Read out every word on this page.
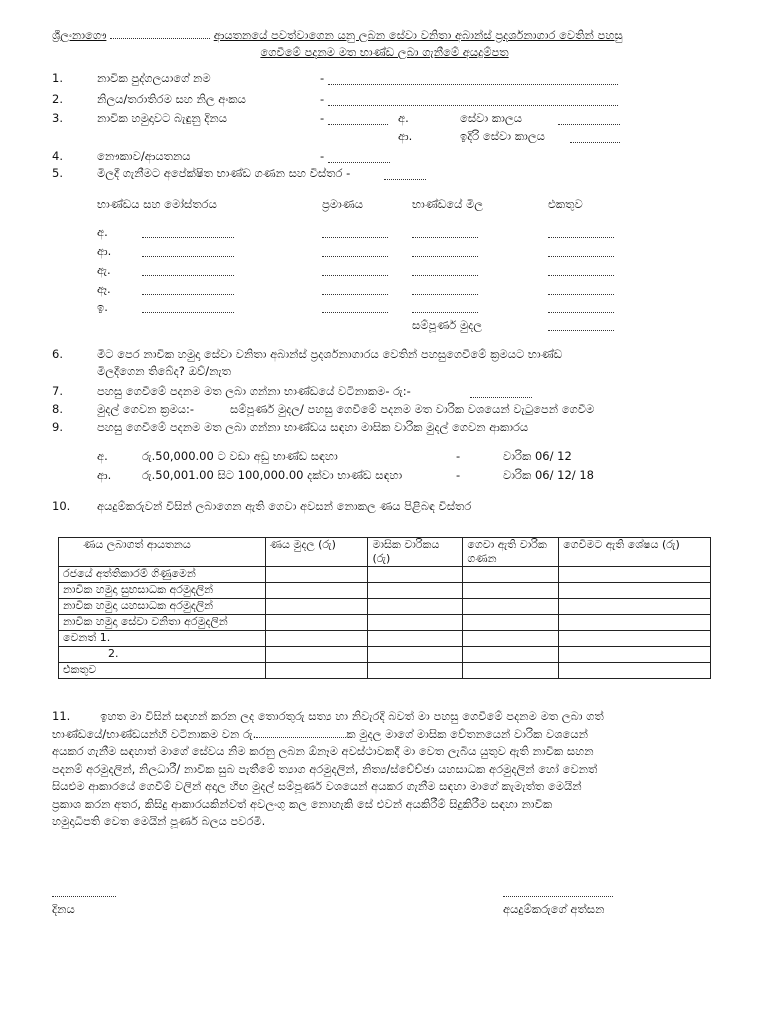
ශ්‍රීලංනාගෞ	ආයතනයේ පවත්වාගෙන යනු ලබන සේවා වනිතා අබාන්ස් ප්‍රදර්ශනාගාර වෙතින් පහසු
ගෙවීමේ පදනම මත භාණ්ඩ ලබා ගැනීමේ අයදුම්පත
1.	නාවික පුද්ගලයාගේ නම	-
2.	නිලය/තරාතිරම සහ නිල අංකය	-
3.	නාවික හමුදාවට බැඳුනු දිනය	-	අ.	සේවා කාලය
ආ.	ඉදිරි සේවා කාලය
4.	නෞකාව/ආයතනය	-
5.	මිලදී ගැනීමට අපේක්ෂිත භාණ්ඩ ගණන සහ විස්තර -
භාණ්ඩය සහ මෝස්තරය	ප්‍රමාණය	භාණ්ඩයේ මිල	එකතුව
අ.
ආ.
ඇ.
ඈ.
ඉ.
සම්පූර්ණ මුදල
6.	මීට පෙර නාවික හමුදා සේවා වනිතා අබාන්ස් ප්‍රදර්ශනාගාරය වෙතින් පහසුගෙවීමේ ක්‍රමයට භාණ්ඩ
මිලදීගෙන තිබේද? ඔව්/නැත
7.	පහසු ගෙවීමේ පදනම මත ලබා ගන්නා භාණ්ඩයේ වටිනාකම- රු:-
8.	මුදල් ගෙවන ක්‍රමය:-	සම්පූර්ණ මුදල/ පහසු ගෙවීමේ පදනම මත වාරික වශයෙන් වැටුපෙන් ගෙවීම
9.	පහසු ගෙවීමේ පදනම මත ලබා ගන්නා භාණ්ඩය සඳහා මාසික වාරික මුදල් ගෙවන ආකාරය
අ.	රු.50,000.00 ට වඩා අඩු භාණ්ඩ සඳහා	-	වාරික 06/ 12
ආ.	රු.50,001.00 සිට 100,000.00 දක්වා භාණ්ඩ සඳහා	-	වාරික 06/ 12/ 18
10. අයදුම්කරුවන් විසින් ලබාගෙන ඇති ගෙවා අවසන් නොකල ණය පිළිබඳ විස්තර
ණය ලබාගත් ආයතනය	ණය මුදල (රු)	මාසික වාරිකය (රු)	ගෙවා ඇති වාරික ගණන	ගෙවීමට ඇති ශේෂය (රු)
රජයේ අත්තිකාරම් ගිණුමෙන්				
නාවික හමුදා සුභසාධක අරමුදලින්				
නාවික හමුදා යහසාධක අරමුදලින්				
නාවික හමුදා සේවා වනිතා අරමුදලින්				
වෙනත් 1.				
2.				
එකතුව				
11.	ඉහත මා විසින් සඳහන් කරන ලද තොරතුරු සත්‍ය හා නිවැරදි බවත් මා පහසු ගෙවීමේ පදනම මත ලබා ගත්
භාණ්ඩයේ/භාණ්ඩයන්හි වටිනාකම වන රු.	ක මුදල මාගේ මාසික වේතනයෙන් වාරික වශයෙන්
අයකර ගැනීම සඳහාත් මාගේ සේවය නිම කරනු ලබන ඕනෑම අවස්ථාවකදී මා වෙත ලැබිය යුතුව ඇති නාවික සහන
පදනම් අරමුදලින්, නිලධාරී/ නාවික සුබ පැතීමේ ත්‍යාග අරමුදලින්, නිත්‍ය/ස්වේච්ඡා යහසාධක අරමුදලින් හෝ වෙනත්
සියළුම ආකාරයේ ගෙවීම් වලින් අදාල හිඟ මුදල් සම්පූර්ණ වශයෙන් අයකර ගැනීම සඳහා මාගේ කැමැත්ත මෙයින්
ප්‍රකාශ කරන අතර, කිසිදු ආකාරයකින්වත් අවලංගු කල නොහැකි සේ එවන් අයකිරීම් සිදුකිරීම සඳහා නාවික
හමුදාධිපති වෙත මෙයින් පූර්ණ බලය පවරමි.
දිනය	අයදුම්කරුගේ අත්සන
